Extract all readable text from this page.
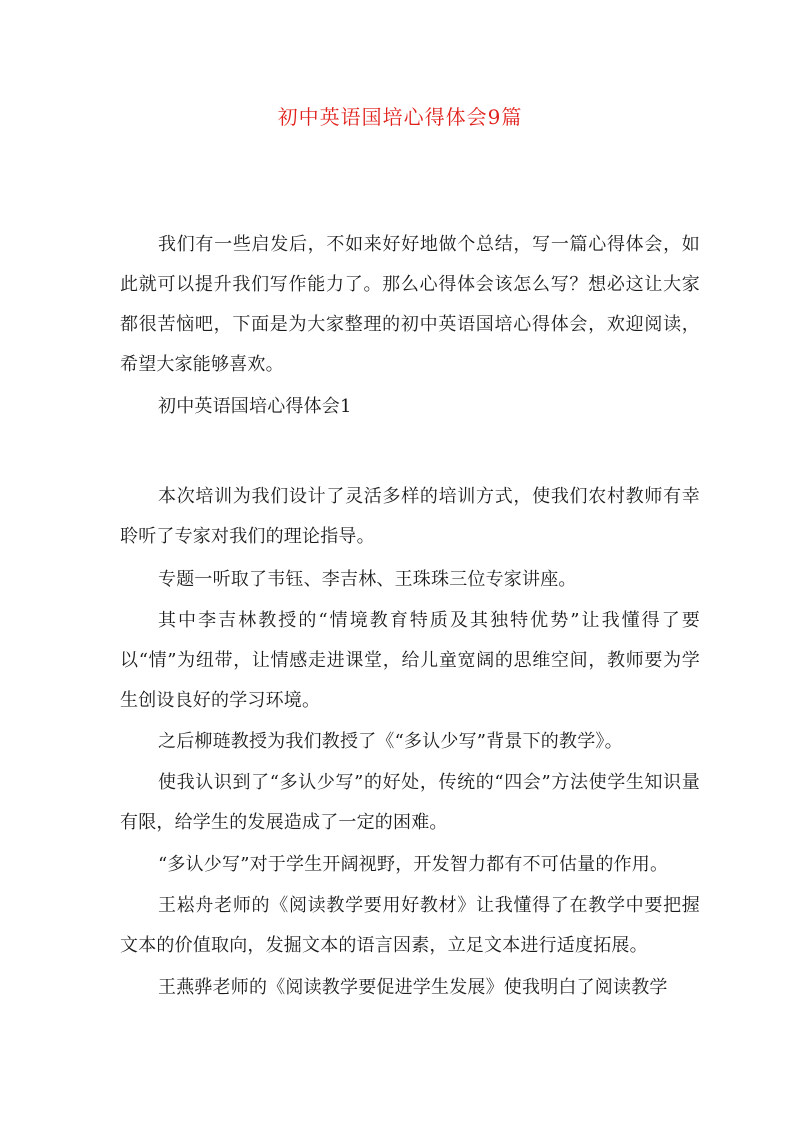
初中英语国培心得体会9篇

我们有一些启发后，不如来好好地做个总结，写一篇心得体会，如此就可以提升我们写作能力了。那么心得体会该怎么写？想必这让大家都很苦恼吧，下面是为大家整理的初中英语国培心得体会，欢迎阅读，希望大家能够喜欢。

初中英语国培心得体会1

本次培训为我们设计了灵活多样的培训方式，使我们农村教师有幸聆听了专家对我们的理论指导。

专题一听取了韦钰、李吉林、王珠珠三位专家讲座。

其中李吉林教授的“情境教育特质及其独特优势”让我懂得了要以“情”为纽带，让情感走进课堂，给儿童宽阔的思维空间，教师要为学生创设良好的学习环境。

之后柳琏教授为我们教授了《“多认少写”背景下的教学》。

使我认识到了“多认少写”的好处，传统的“四会”方法使学生知识量有限，给学生的发展造成了一定的困难。

“多认少写”对于学生开阔视野，开发智力都有不可估量的作用。

王崧舟老师的《阅读教学要用好教材》让我懂得了在教学中要把握文本的价值取向，发掘文本的语言因素，立足文本进行适度拓展。

王燕骅老师的《阅读教学要促进学生发展》使我明白了阅读教学
